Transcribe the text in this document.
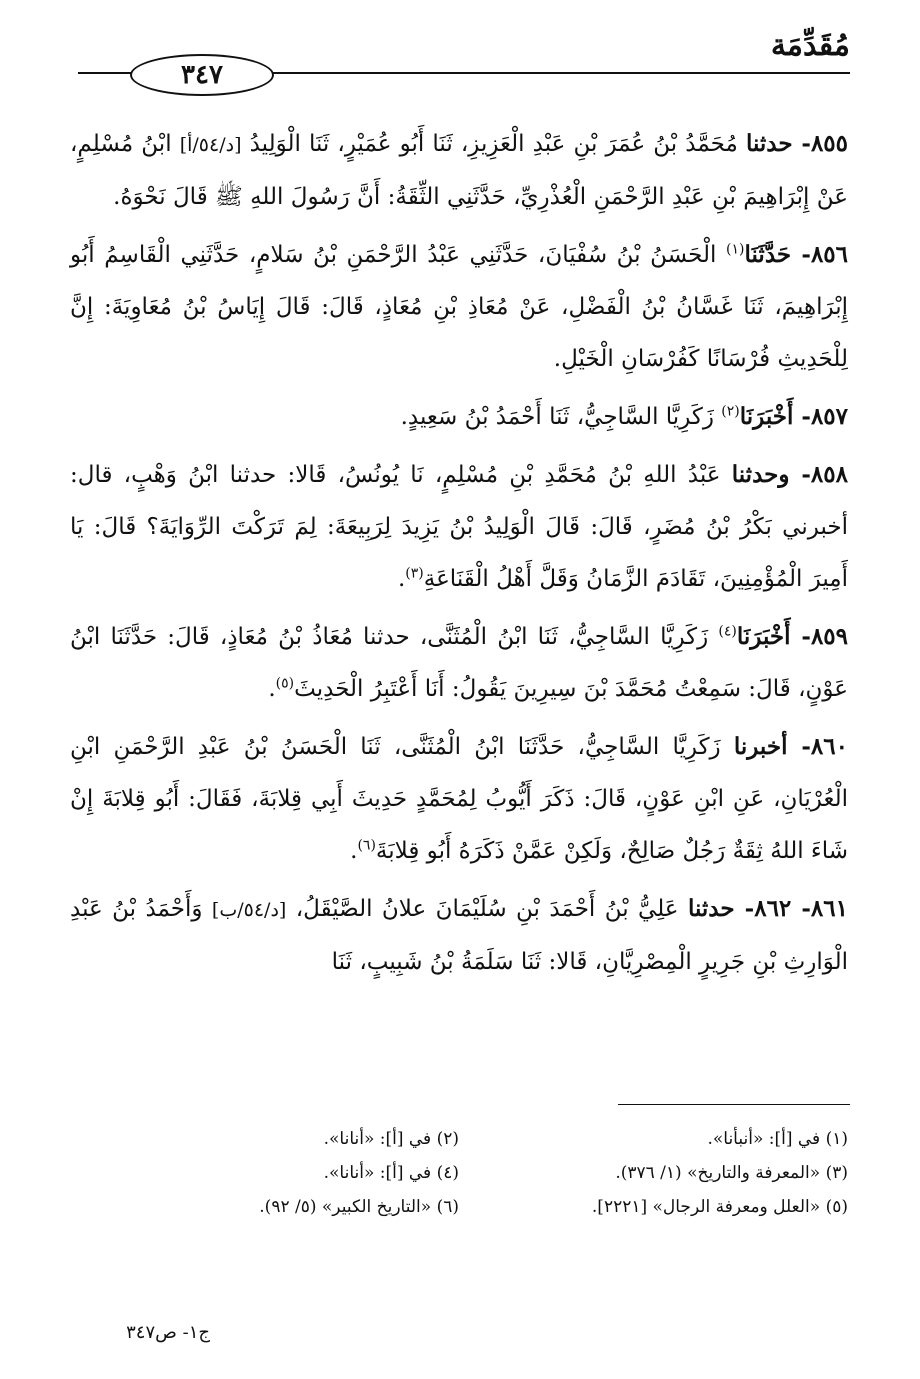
مُقَدِّمَة
٣٤٧

٨٥٥- حدثنا مُحَمَّدُ بْنُ عُمَرَ بْنِ عَبْدِ الْعَزِيزِ، ثَنَا أَبُو عُمَيْرٍ، ثَنَا الْوَلِيدُ [د/٥٤/أ] ابْنُ مُسْلِمٍ، عَنْ إِبْرَاهِيمَ بْنِ عَبْدِ الرَّحْمَنِ الْعُذْرِيِّ، حَدَّثَنِي الثِّقَةُ: أَنَّ رَسُولَ اللهِ ﷺ قَالَ نَحْوَهُ.

٨٥٦- حَدَّثَنَا$^{(١)}$ الْحَسَنُ بْنُ سُفْيَانَ، حَدَّثَنِي عَبْدُ الرَّحْمَنِ بْنُ سَلامٍ، حَدَّثَنِي الْقَاسِمُ أَبُو إِبْرَاهِيمَ، ثَنَا غَسَّانُ بْنُ الْفَضْلِ، عَنْ مُعَاذِ بْنِ مُعَاذٍ، قَالَ: قَالَ إِيَاسُ بْنُ مُعَاوِيَةَ: إِنَّ لِلْحَدِيثِ فُرْسَانًا كَفُرْسَانِ الْخَيْلِ.

٨٥٧- أَخْبَرَنَا$^{(٢)}$ زَكَرِيَّا السَّاجِيُّ، ثَنَا أَحْمَدُ بْنُ سَعِيدٍ.

٨٥٨- وحدثنا عَبْدُ اللهِ بْنُ مُحَمَّدِ بْنِ مُسْلِمٍ، نَا يُونُسُ، قَالا: حدثنا ابْنُ وَهْبٍ، قال: أخبرني بَكْرُ بْنُ مُضَرٍ، قَالَ: قَالَ الْوَلِيدُ بْنُ يَزِيدَ لِرَبِيعَةَ: لِمَ تَرَكْتَ الرِّوَايَةَ؟ قَالَ: يَا أَمِيرَ الْمُؤْمِنِينَ، تَقَادَمَ الزَّمَانُ وَقَلَّ أَهْلُ الْقَنَاعَةِ$^{(٣)}$.

٨٥٩- أَخْبَرَنَا$^{(٤)}$ زَكَرِيَّا السَّاجِيُّ، ثَنَا ابْنُ الْمُثَنَّى، حدثنا مُعَاذُ بْنُ مُعَاذٍ، قَالَ: حَدَّثَنَا ابْنُ عَوْنٍ، قَالَ: سَمِعْتُ مُحَمَّدَ بْنَ سِيرِينَ يَقُولُ: أَنَا أَعْتَبِرُ الْحَدِيثَ$^{(٥)}$.

٨٦٠- أخبرنا زَكَرِيَّا السَّاجِيُّ، حَدَّثَنَا ابْنُ الْمُثَنَّى، ثَنَا الْحَسَنُ بْنُ عَبْدِ الرَّحْمَنِ ابْنِ الْعُرْيَانِ، عَنِ ابْنِ عَوْنٍ، قَالَ: ذَكَرَ أَيُّوبُ لِمُحَمَّدٍ حَدِيثَ أَبِي قِلابَةَ، فَقَالَ: أَبُو قِلابَةَ إِنْ شَاءَ اللهُ ثِقَةٌ رَجُلٌ صَالِحٌ، وَلَكِنْ عَمَّنْ ذَكَرَهُ أَبُو قِلابَةَ$^{(٦)}$.

٨٦١- ٨٦٢- حدثنا عَلِيُّ بْنُ أَحْمَدَ بْنِ سُلَيْمَانَ علانُ الصَّيْقَلُ، [د/٥٤/ب] وَأَحْمَدُ بْنُ عَبْدِ الْوَارِثِ بْنِ جَرِيرٍ الْمِصْرِيَّانِ، قَالا: ثَنَا سَلَمَةُ بْنُ شَبِيبٍ، ثَنَا

(١) في [أ]: «أنبأنا».
(٢) في [أ]: «أنانا».
(٣) «المعرفة والتاريخ» (١/ ٣٧٦).
(٤) في [أ]: «أنانا».
(٥) «العلل ومعرفة الرجال» [٢٢٢١].
(٦) «التاريخ الكبير» (٥/ ٩٢).
ج١- ص٣٤٧
